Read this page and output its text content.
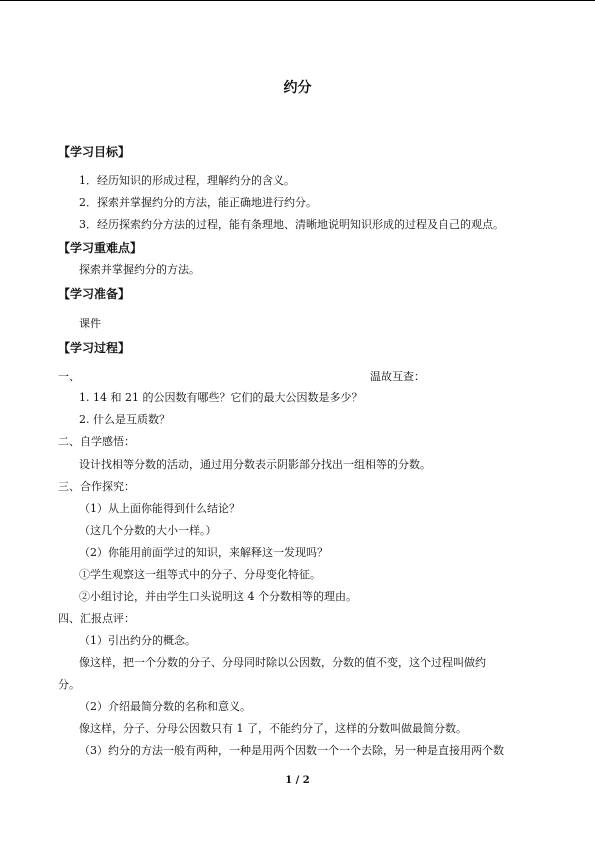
约分
【学习目标】
1．经历知识的形成过程，理解约分的含义。
2．探索并掌握约分的方法，能正确地进行约分。
3．经历探索约分方法的过程，能有条理地、清晰地说明知识形成的过程及自己的观点。
【学习重难点】
探索并掌握约分的方法。
【学习准备】
课件
【学习过程】
一、	温故互查：
1. 14 和 21 的公因数有哪些？它们的最大公因数是多少？
2. 什么是互质数？
二、自学感悟：
设计找相等分数的活动，通过用分数表示阴影部分找出一组相等的分数。
三、合作探究：
（1）从上面你能得到什么结论？
（这几个分数的大小一样。）
（2）你能用前面学过的知识，来解释这一发现吗？
①学生观察这一组等式中的分子、分母变化特征。
②小组讨论，并由学生口头说明这 4 个分数相等的理由。
四、汇报点评：
（1）引出约分的概念。
像这样，把一个分数的分子、分母同时除以公因数，分数的值不变，这个过程叫做约
分。
（2）介绍最简分数的名称和意义。
像这样，分子、分母公因数只有 1 了，不能约分了，这样的分数叫做最简分数。
（3）约分的方法一般有两种，一种是用两个因数一个一个去除，另一种是直接用两个数
1 / 2
